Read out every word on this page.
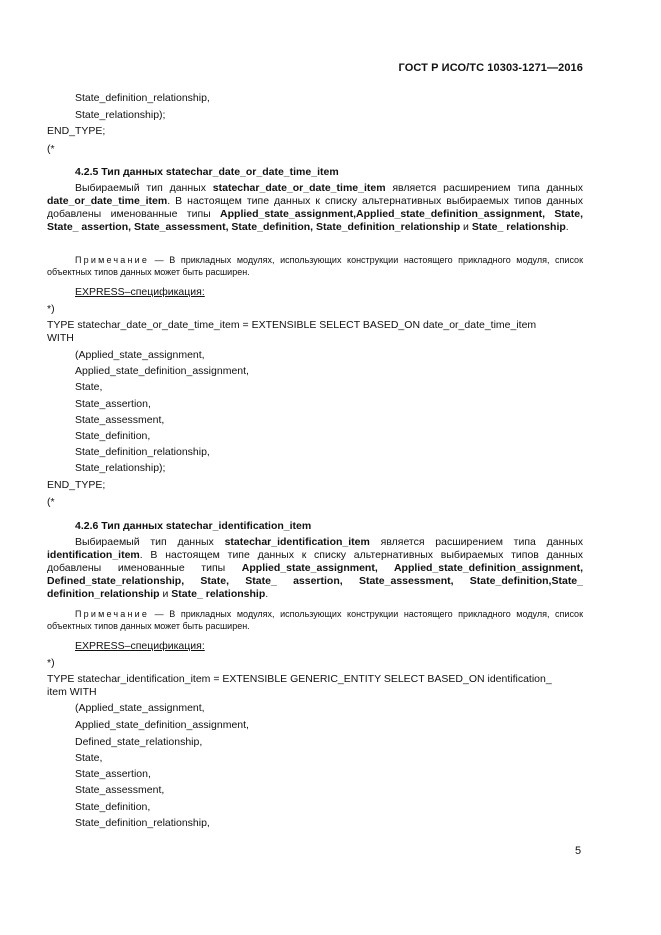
ГОСТ Р ИСО/ТС 10303-1271—2016
State_definition_relationship,
State_relationship);
END_TYPE;
(*
4.2.5 Тип данных statechar_date_or_date_time_item
Выбираемый тип данных statechar_date_or_date_time_item является расширением типа данных date_or_date_time_item. В настоящем типе данных к списку альтернативных выбираемых типов данных добавлены именованные типы Applied_state_assignment,Applied_state_definition_assignment, State, State_ assertion, State_assessment, State_definition, State_definition_relationship и State_ relationship.
Примечание — В прикладных модулях, использующих конструкции настоящего прикладного модуля, список объектных типов данных может быть расширен.
EXPRESS–спецификация:
*)
TYPE statechar_date_or_date_time_item = EXTENSIBLE SELECT BASED_ON date_or_date_time_item
WITH
(Applied_state_assignment,
Applied_state_definition_assignment,
State,
State_assertion,
State_assessment,
State_definition,
State_definition_relationship,
State_relationship);
END_TYPE;
(*
4.2.6 Тип данных statechar_identification_item
Выбираемый тип данных statechar_identification_item является расширением типа данных identification_item. В настоящем типе данных к списку альтернативных выбираемых типов данных добавлены именованные типы Applied_state_assignment, Applied_state_definition_assignment, Defined_state_relationship, State, State_ assertion, State_assessment, State_definition,State_ definition_relationship и State_ relationship.
Примечание — В прикладных модулях, использующих конструкции настоящего прикладного модуля, список объектных типов данных может быть расширен.
EXPRESS–спецификация:
*)
TYPE statechar_identification_item = EXTENSIBLE GENERIC_ENTITY SELECT BASED_ON identification_
item WITH
(Applied_state_assignment,
Applied_state_definition_assignment,
Defined_state_relationship,
State,
State_assertion,
State_assessment,
State_definition,
State_definition_relationship,
5
